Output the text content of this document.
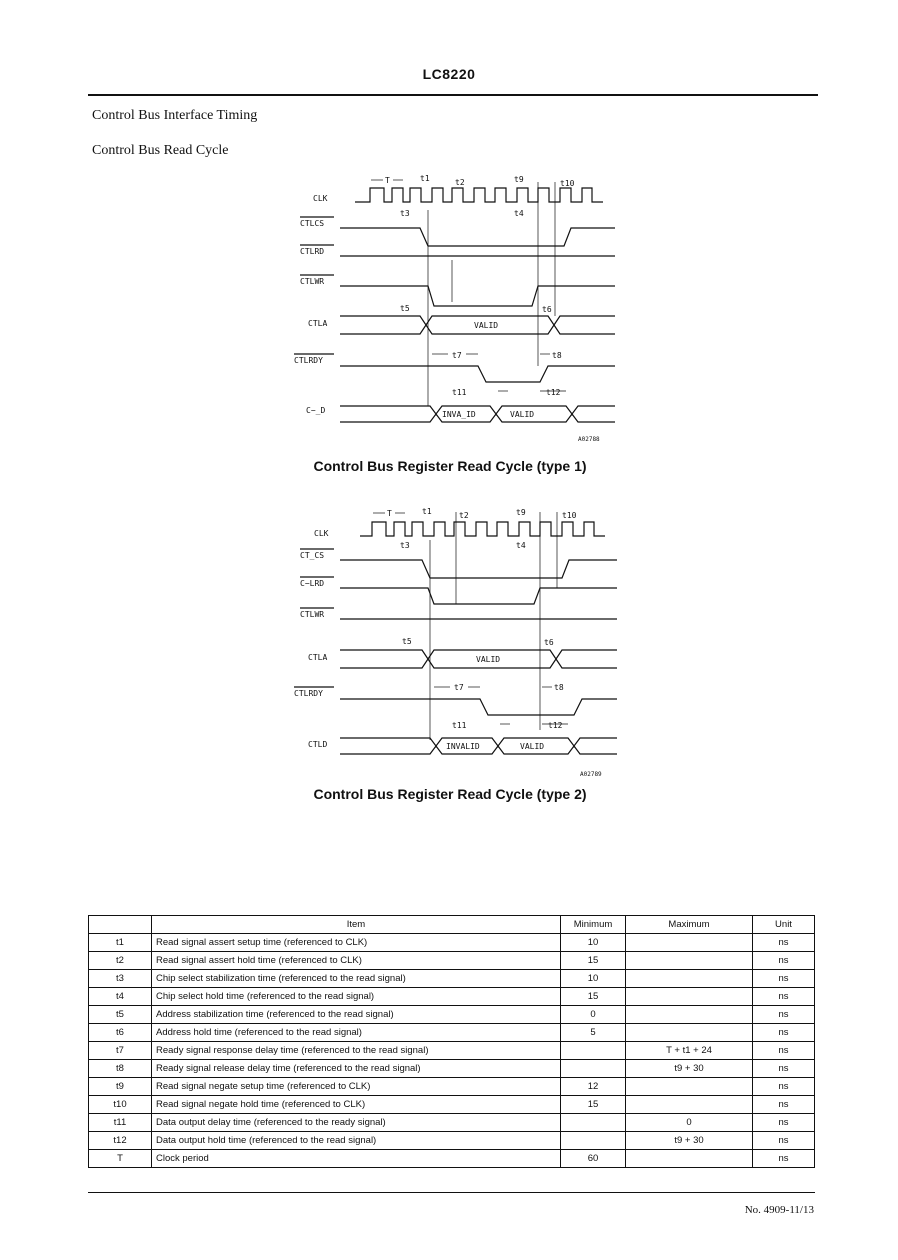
LC8220
Control Bus Interface Timing
Control Bus Read Cycle
CLK
CTLCS
CTLRD
CTLWR
CTLA
CTLRDY
C−_D
VALID
INVA_ID	VALID
T	t1	t2	t9	t10
t3	t4
t5	t6
t7	t8
t11	t12
A02788
Control Bus Register Read Cycle (type 1)
CLK
CT_CS
C−LRD
CTLWR
CTLA
CTLRDY
CTLD
VALID
INVALID	VALID
T	t1	t2	t9	t10
t3	t4
t5	t6
t7	t8
t11	t12
A02789
Control Bus Register Read Cycle (type 2)
	Item	Minimum	Maximum	Unit
t1	Read signal assert setup time (referenced to CLK)	10		ns
t2	Read signal assert hold time (referenced to CLK)	15		ns
t3	Chip select stabilization time (referenced to the read signal)	10		ns
t4	Chip select hold time (referenced to the read signal)	15		ns
t5	Address stabilization time (referenced to the read signal)	0		ns
t6	Address hold time (referenced to the read signal)	5		ns
t7	Ready signal response delay time (referenced to the read signal)		T + t1 + 24	ns
t8	Ready signal release delay time (referenced to the read signal)		t9 + 30	ns
t9	Read signal negate setup time (referenced to CLK)	12		ns
t10	Read signal negate hold time (referenced to CLK)	15		ns
t11	Data output delay time (referenced to the ready signal)		0	ns
t12	Data output hold time (referenced to the read signal)		t9 + 30	ns
T	Clock period	60		ns
No. 4909-11/13
